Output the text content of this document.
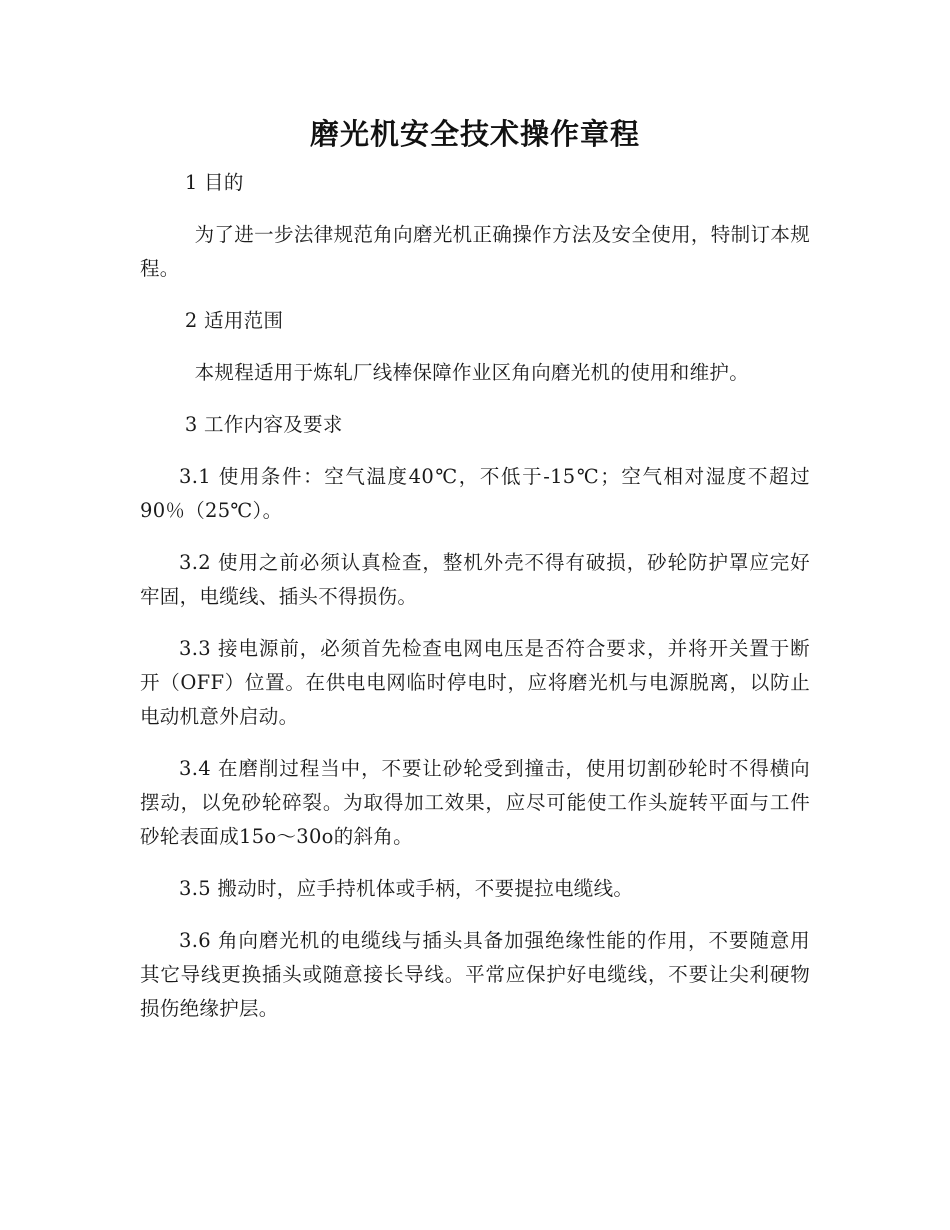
磨光机安全技术操作章程

1 目的

为了进一步法律规范角向磨光机正确操作方法及安全使用，特制订本规程。

2 适用范围

本规程适用于炼轧厂线棒保障作业区角向磨光机的使用和维护。

3 工作内容及要求

3.1 使用条件：空气温度40℃，不低于-15℃；空气相对湿度不超过90％（25℃）。

3.2 使用之前必须认真检查，整机外壳不得有破损，砂轮防护罩应完好牢固，电缆线、插头不得损伤。

3.3 接电源前，必须首先检查电网电压是否符合要求，并将开关置于断开（OFF）位置。在供电电网临时停电时，应将磨光机与电源脱离，以防止电动机意外启动。

3.4 在磨削过程当中，不要让砂轮受到撞击，使用切割砂轮时不得横向摆动，以免砂轮碎裂。为取得加工效果，应尽可能使工作头旋转平面与工件砂轮表面成15o～30o的斜角。

3.5 搬动时，应手持机体或手柄，不要提拉电缆线。

3.6 角向磨光机的电缆线与插头具备加强绝缘性能的作用，不要随意用其它导线更换插头或随意接长导线。平常应保护好电缆线，不要让尖利硬物损伤绝缘护层。
